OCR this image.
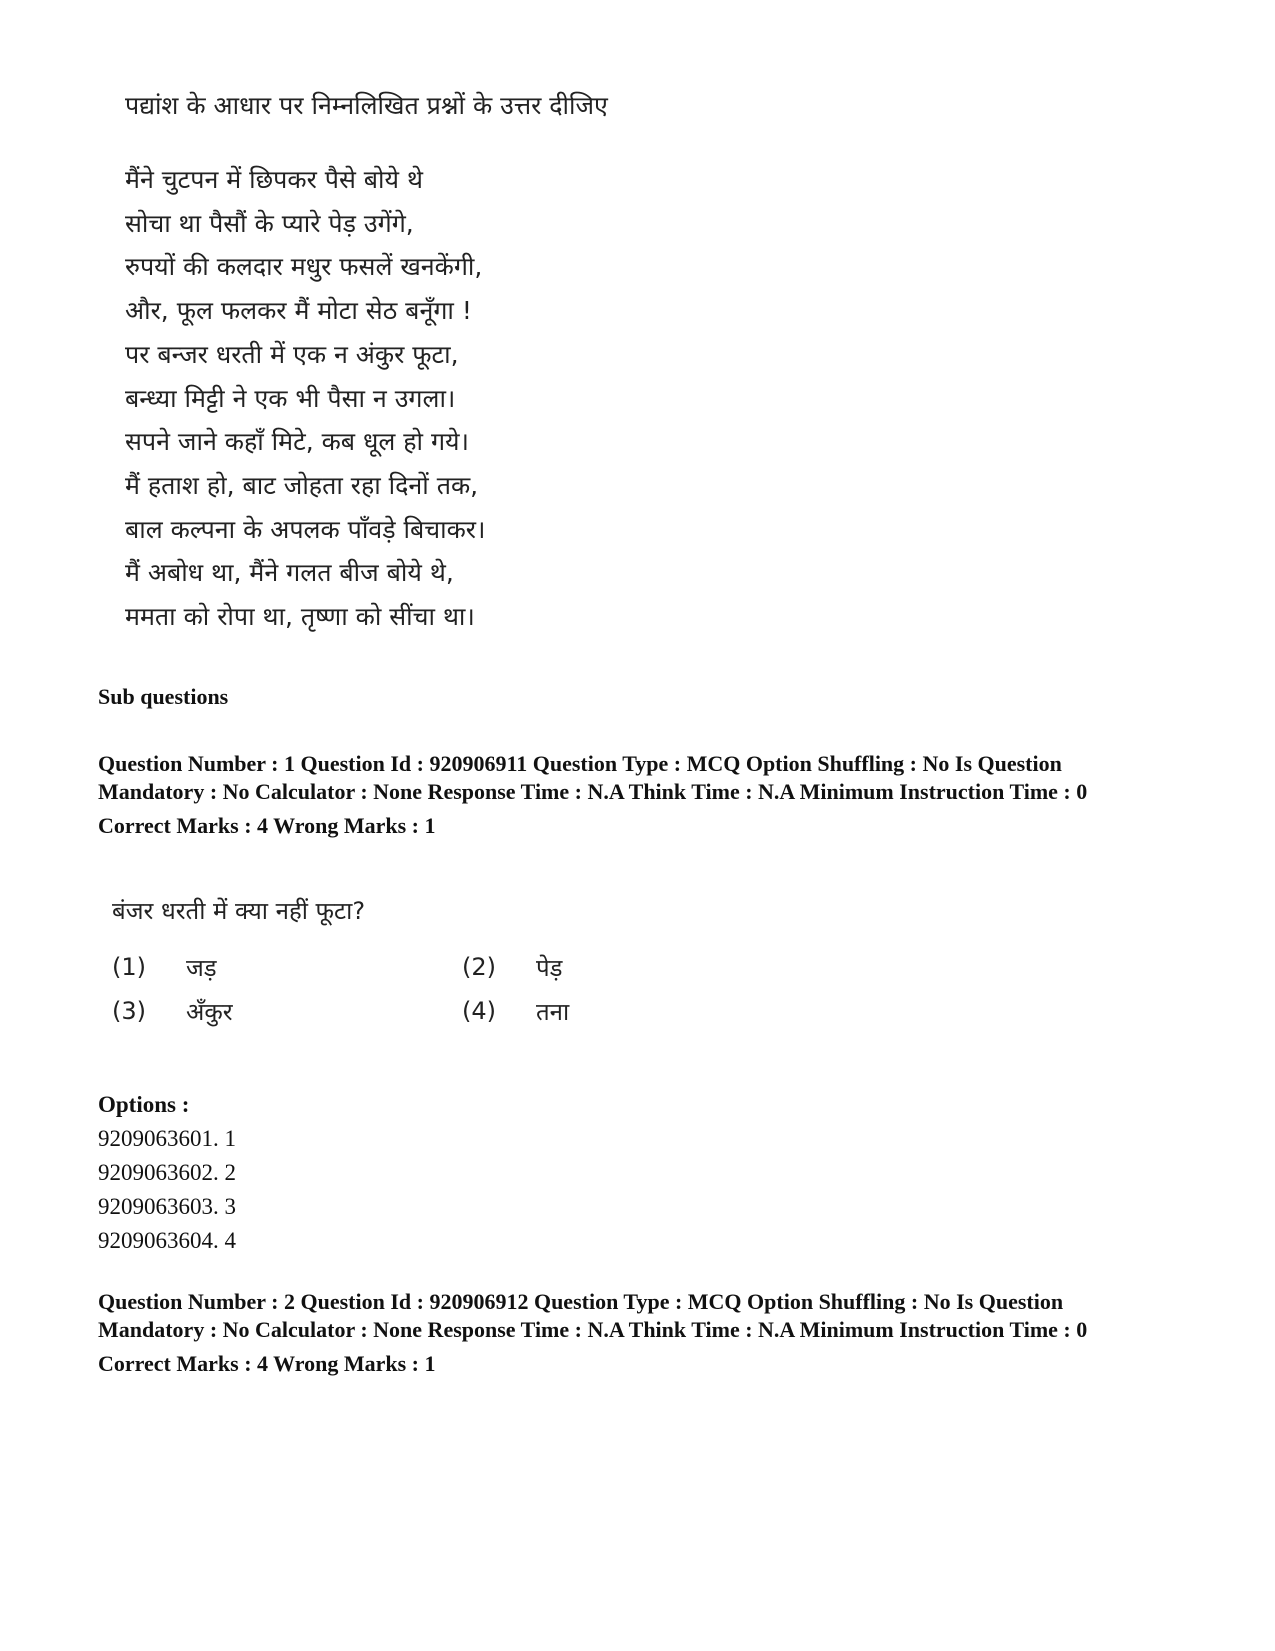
पद्यांश के आधार पर निम्नलिखित प्रश्नों के उत्तर दीजिए

मैंने चुटपन में छिपकर पैसे बोये थे
सोचा था पैसौं के प्यारे पेड़ उगेंगे,
रुपयों की कलदार मधुर फसलें खनकेंगी,
और, फूल फलकर मैं मोटा सेठ बनूँगा !
पर बन्जर धरती में एक न अंकुर फूटा,
बन्ध्या मिट्टी ने एक भी पैसा न उगला।
सपने जाने कहाँ मिटे, कब धूल हो गये।
मैं हताश हो, बाट जोहता रहा दिनों तक,
बाल कल्पना के अपलक पाँवड़े बिचाकर।
मैं अबोध था, मैंने गलत बीज बोये थे,
ममता को रोपा था, तृष्णा को सींचा था।
Sub questions
Question Number : 1 Question Id : 920906911 Question Type : MCQ Option Shuffling : No Is Question Mandatory : No Calculator : None Response Time : N.A Think Time : N.A Minimum Instruction Time : 0
Correct Marks : 4 Wrong Marks : 1

बंजर धरती में क्या नहीं फूटा?

(1)	जड़	(2)	पेड़
(3)	अँकुर	(4)	तना
Options :
9209063601. 1
9209063602. 2
9209063603. 3
9209063604. 4
Question Number : 2 Question Id : 920906912 Question Type : MCQ Option Shuffling : No Is Question Mandatory : No Calculator : None Response Time : N.A Think Time : N.A Minimum Instruction Time : 0
Correct Marks : 4 Wrong Marks : 1
